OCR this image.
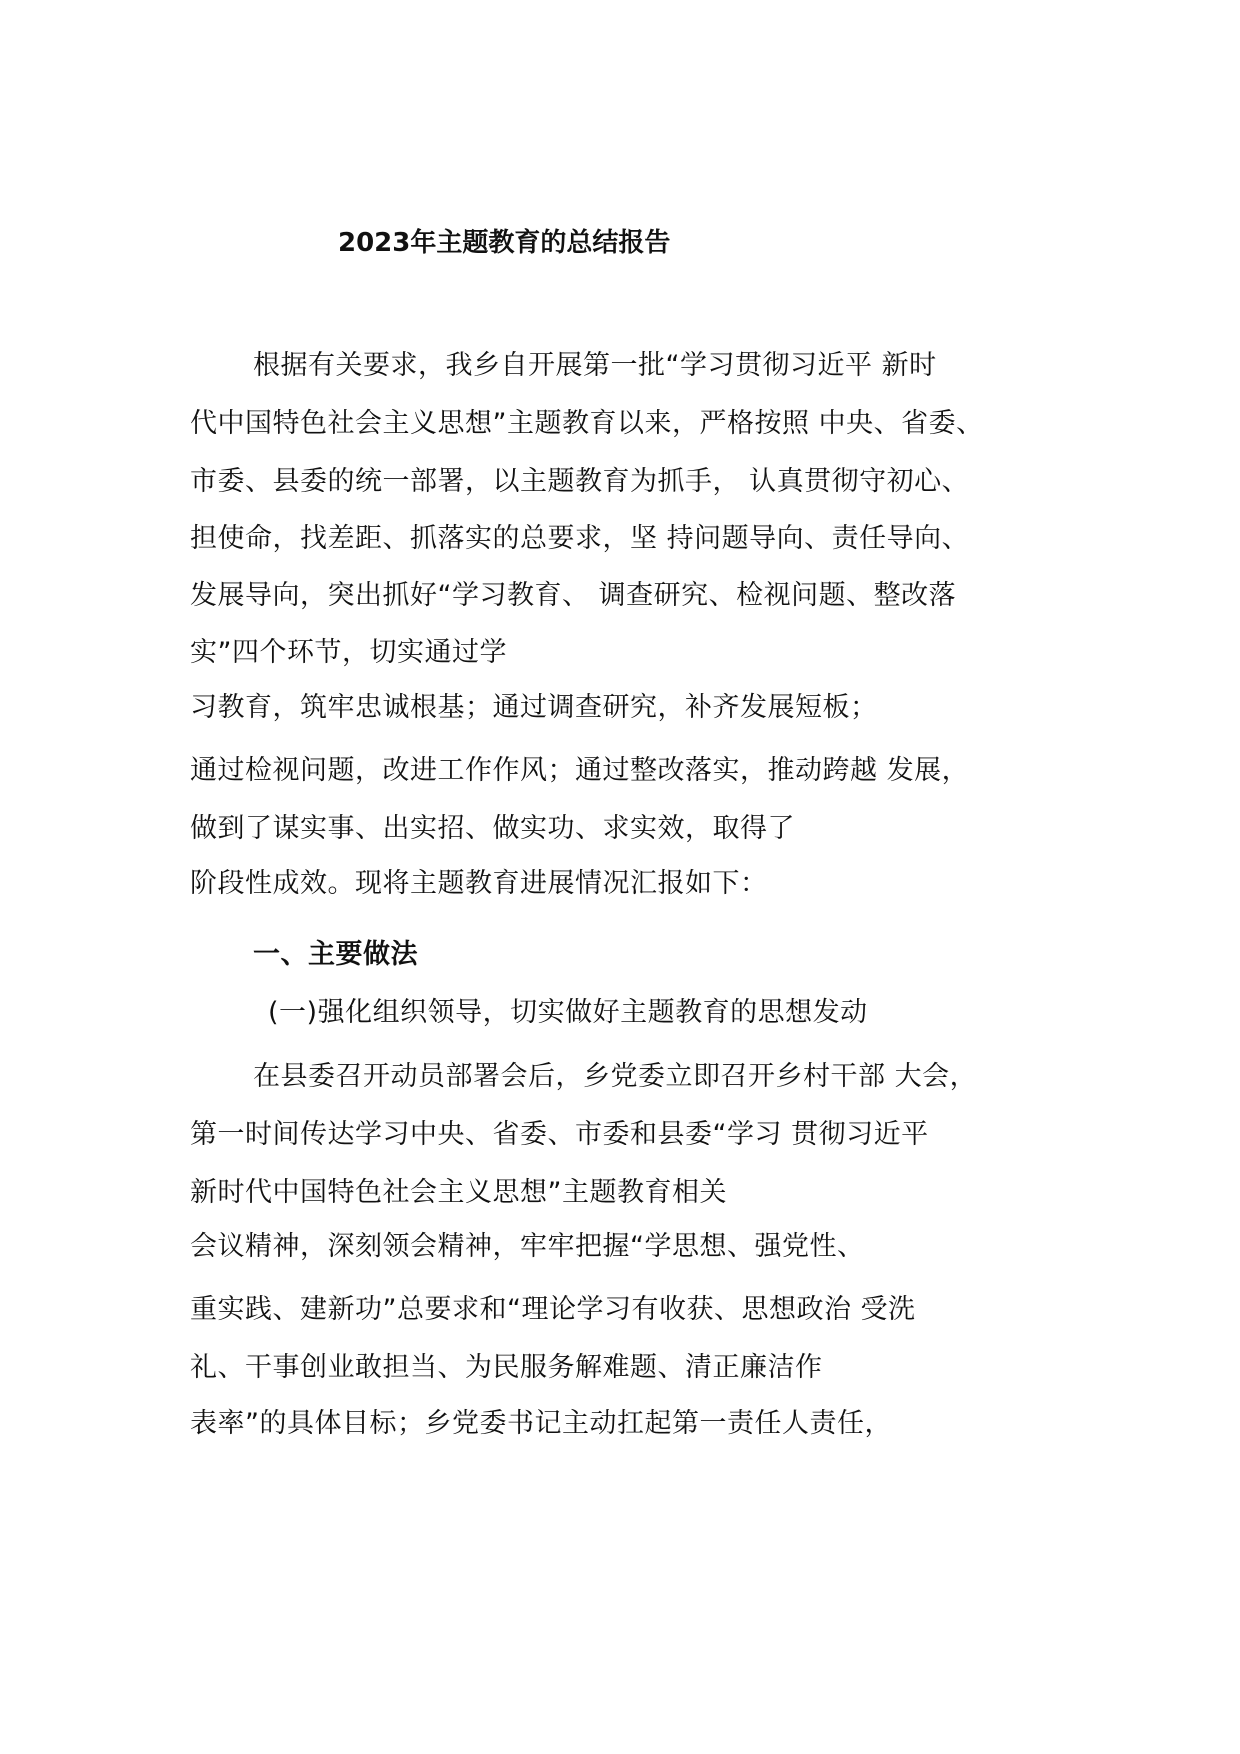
2023年主题教育的总结报告
根据有关要求，我乡自开展第一批“学习贯彻习近平 新时
代中国特色社会主义思想”主题教育以来，严格按照 中央、省委、
市委、县委的统一部署，以主题教育为抓手， 认真贯彻守初心、
担使命，找差距、抓落实的总要求，坚 持问题导向、责任导向、
发展导向，突出抓好“学习教育、 调查研究、检视问题、整改落
实”四个环节，切实通过学
习教育，筑牢忠诚根基；通过调查研究，补齐发展短板；
通过检视问题，改进工作作风；通过整改落实，推动跨越 发展，
做到了谋实事、出实招、做实功、求实效，取得了
阶段性成效。现将主题教育进展情况汇报如下：
一、主要做法
(一)强化组织领导，切实做好主题教育的思想发动
在县委召开动员部署会后，乡党委立即召开乡村干部 大会，
第一时间传达学习中央、省委、市委和县委“学习 贯彻习近平
新时代中国特色社会主义思想”主题教育相关
会议精神，深刻领会精神，牢牢把握“学思想、强党性、
重实践、建新功”总要求和“理论学习有收获、思想政治 受洗
礼、干事创业敢担当、为民服务解难题、清正廉洁作
表率”的具体目标；乡党委书记主动扛起第一责任人责任，
